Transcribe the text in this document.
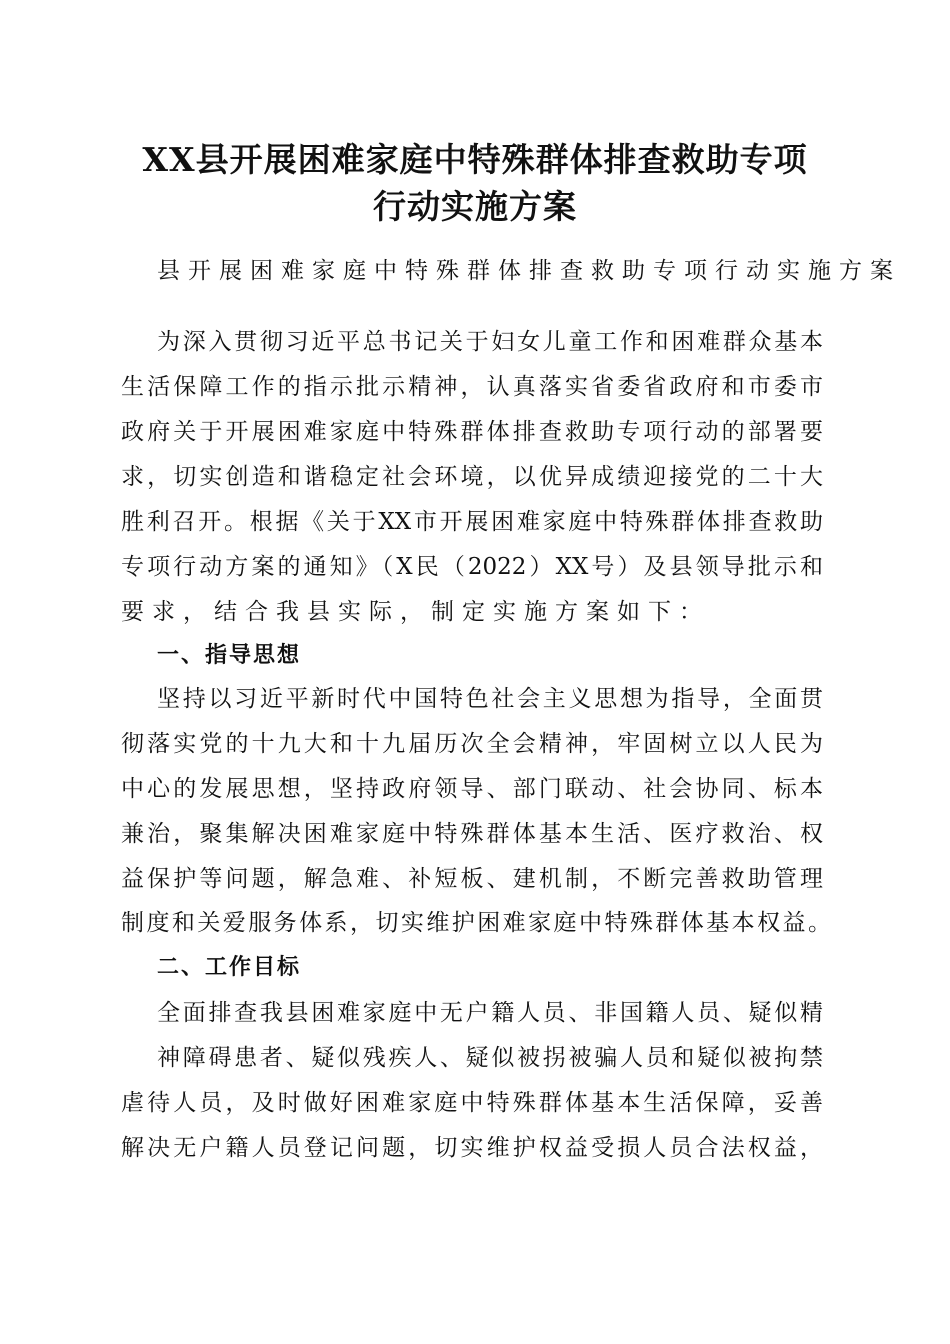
XX县开展困难家庭中特殊群体排查救助专项
行动实施方案
县开展困难家庭中特殊群体排查救助专项行动实施方案
为深入贯彻习近平总书记关于妇女儿童工作和困难群众基本
生活保障工作的指示批示精神，认真落实省委省政府和市委市
政府关于开展困难家庭中特殊群体排查救助专项行动的部署要
求，切实创造和谐稳定社会环境，以优异成绩迎接党的二十大
胜利召开。根据《关于XX市开展困难家庭中特殊群体排查救助
专项行动方案的通知》（X民（2022）XX号）及县领导批示和
要求，结合我县实际，制定实施方案如下：
一、指导思想
坚持以习近平新时代中国特色社会主义思想为指导，全面贯
彻落实党的十九大和十九届历次全会精神，牢固树立以人民为
中心的发展思想，坚持政府领导、部门联动、社会协同、标本
兼治，聚集解决困难家庭中特殊群体基本生活、医疗救治、权
益保护等问题，解急难、补短板、建机制，不断完善救助管理
制度和关爱服务体系，切实维护困难家庭中特殊群体基本权益。
二、工作目标
全面排查我县困难家庭中无户籍人员、非国籍人员、疑似精
神障碍患者、疑似残疾人、疑似被拐被骗人员和疑似被拘禁
虐待人员，及时做好困难家庭中特殊群体基本生活保障，妥善
解决无户籍人员登记问题，切实维护权益受损人员合法权益，
